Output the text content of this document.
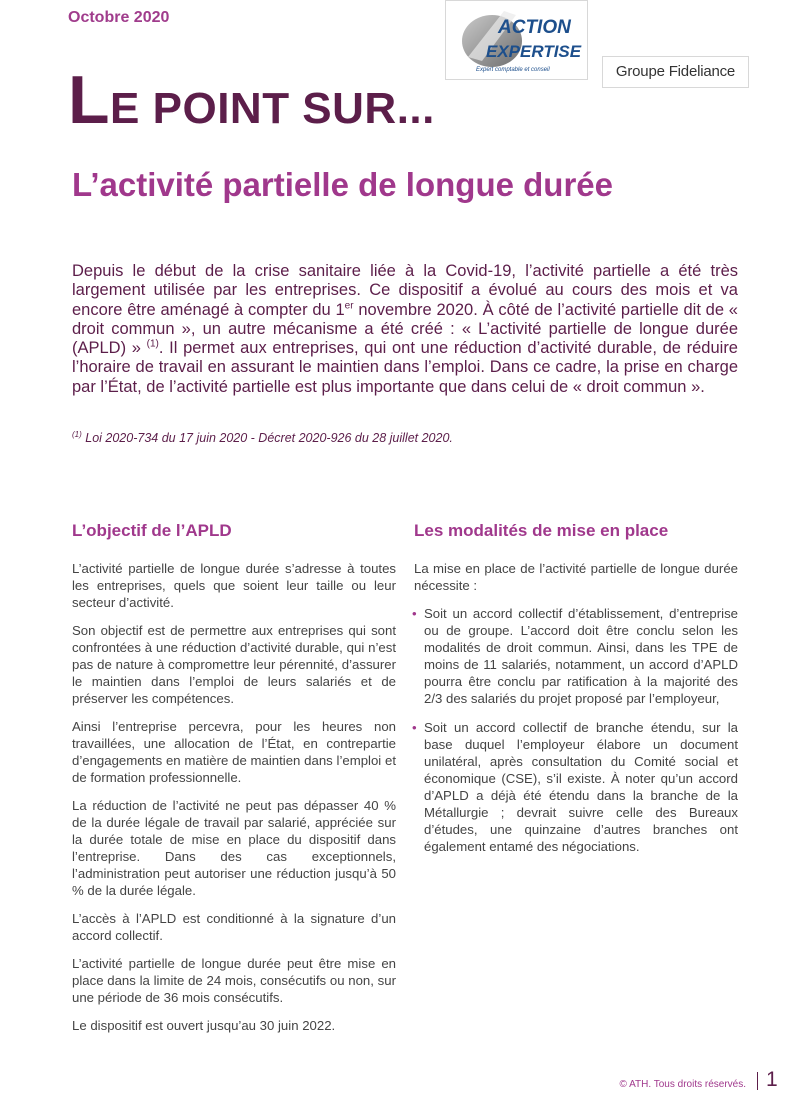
Octobre 2020	ACTION
EXPERTISE
Expert comptable et conseil	Groupe Fideliance
LE POINT SUR...
L’activité partielle de longue durée
Depuis le début de la crise sanitaire liée à la Covid-19, l’activité partielle a été très largement utilisée par les entreprises. Ce dispositif a évolué au cours des mois et va encore être aménagé à compter du 1er novembre 2020. À côté de l’activité partielle dit de « droit commun », un autre mécanisme a été créé : « L’activité partielle de longue durée (APLD) » $^{(1)}$. Il permet aux entreprises, qui ont une réduction d’activité durable, de réduire l’horaire de travail en assurant le maintien dans l’emploi. Dans ce cadre, la prise en charge par l’État, de l’activité partielle est plus importante que dans celui de « droit commun ».
$^{(1)}$ Loi 2020-734 du 17 juin 2020 - Décret 2020-926 du 28 juillet 2020.
L’objectif de l’APLD

L’activité partielle de longue durée s’adresse à toutes les entreprises, quels que soient leur taille ou leur secteur d’activité.

Son objectif est de permettre aux entreprises qui sont confrontées à une réduction d’activité durable, qui n’est pas de nature à compromettre leur pérennité, d’assurer le maintien dans l’emploi de leurs salariés et de préserver les compétences.

Ainsi l’entreprise percevra, pour les heures non travaillées, une allocation de l’État, en contrepartie d’engagements en matière de maintien dans l’emploi et de formation professionnelle.

La réduction de l’activité ne peut pas dépasser 40 % de la durée légale de travail par salarié, appréciée sur la durée totale de mise en place du dispositif dans l’entreprise. Dans des cas exceptionnels, l’administration peut autoriser une réduction jusqu’à 50 % de la durée légale.

L’accès à l’APLD est conditionné à la signature d’un accord collectif.

L’activité partielle de longue durée peut être mise en place dans la limite de 24 mois, consécutifs ou non, sur une période de 36 mois consécutifs.

Le dispositif est ouvert jusqu’au 30 juin 2022.

Les modalités de mise en place

La mise en place de l’activité partielle de longue durée nécessite :

• Soit un accord collectif d’établissement, d’entreprise ou de groupe. L’accord doit être conclu selon les modalités de droit commun. Ainsi, dans les TPE de moins de 11 salariés, notamment, un accord d’APLD pourra être conclu par ratification à la majorité des 2/3 des salariés du projet proposé par l’employeur,
• Soit un accord collectif de branche étendu, sur la base duquel l’employeur élabore un document unilatéral, après consultation du Comité social et économique (CSE), s’il existe. À noter qu’un accord d’APLD a déjà été étendu dans la branche de la Métallurgie ; devrait suivre celle des Bureaux d’études, une quinzaine d’autres branches ont également entamé des négociations.
© ATH. Tous droits réservés. 1
